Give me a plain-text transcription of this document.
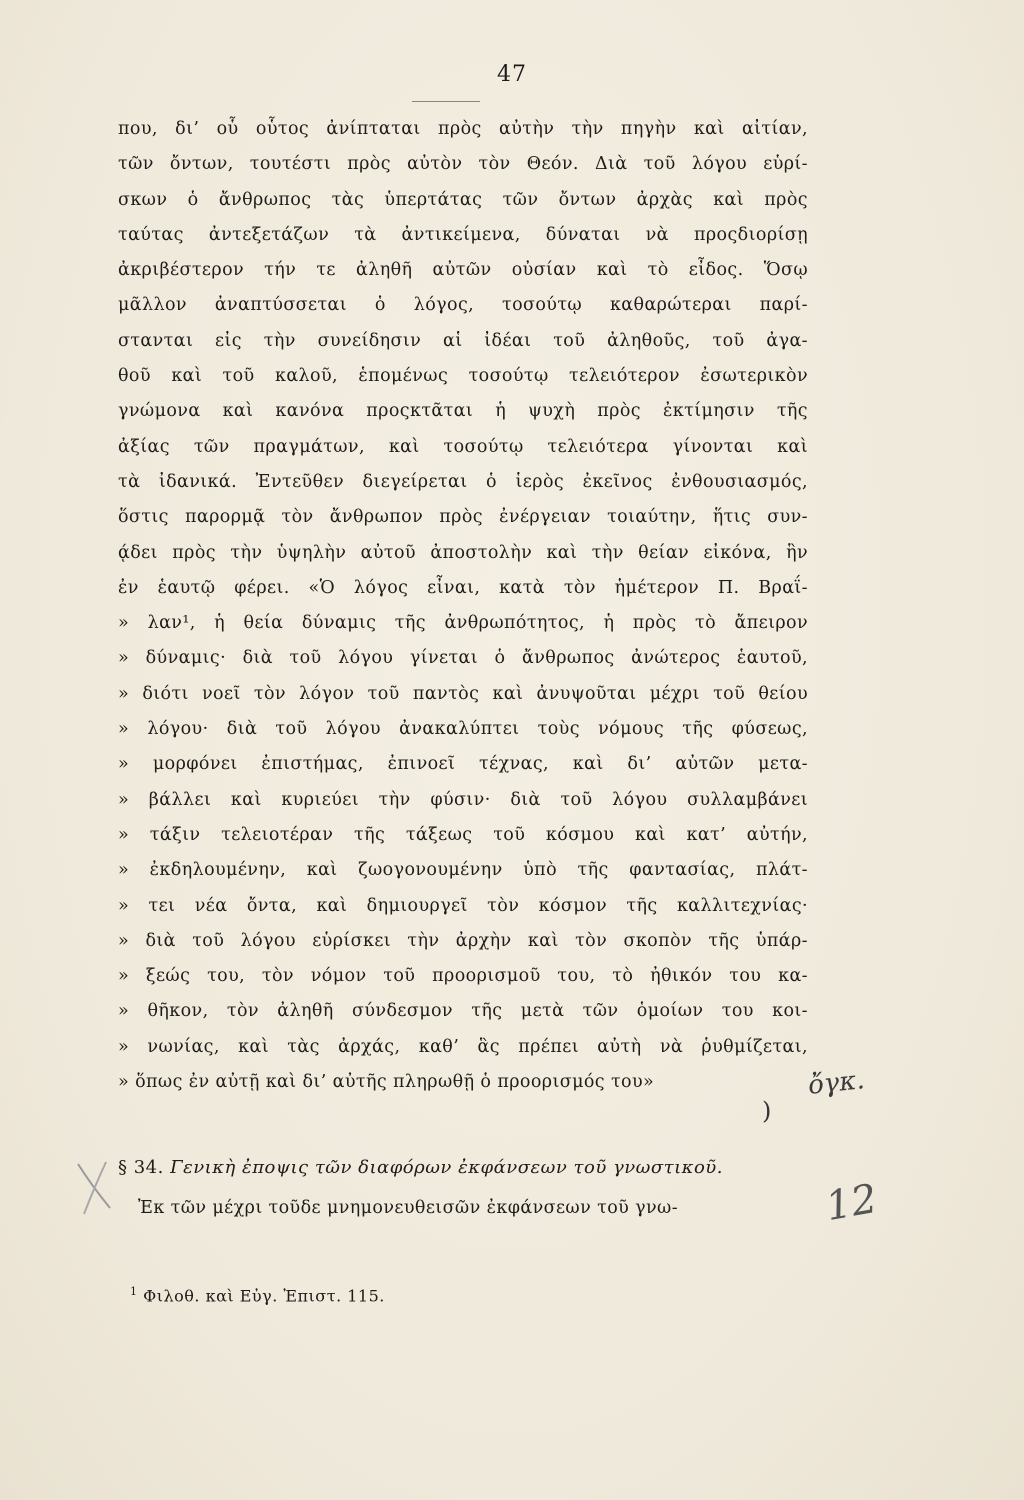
47
που, δι’ οὗ οὗτος ἀνίπταται πρὸς αὐτὴν τὴν πηγὴν καὶ αἰτίαν,
τῶν ὄντων, τουτέστι πρὸς αὐτὸν τὸν Θεόν. Διὰ τοῦ λόγου εὑρί-
σκων ὁ ἄνθρωπος τὰς ὑπερτάτας τῶν ὄντων ἀρχὰς καὶ πρὸς
ταύτας ἀντεξετάζων τὰ ἀντικείμενα, δύναται νὰ προςδιορίσῃ
ἀκριβέστερον τήν τε ἀληθῆ αὐτῶν οὐσίαν καὶ τὸ εἶδος. Ὅσῳ
μᾶλλον ἀναπτύσσεται ὁ λόγος, τοσούτῳ καθαρώτεραι παρί-
στανται εἰς τὴν συνείδησιν αἱ ἰδέαι τοῦ ἀληθοῦς, τοῦ ἀγα-
θοῦ καὶ τοῦ καλοῦ, ἑπομένως τοσούτῳ τελειότερον ἐσωτερικὸν
γνώμονα καὶ κανόνα προςκτᾶται ἡ ψυχὴ πρὸς ἐκτίμησιν τῆς
ἀξίας τῶν πραγμάτων, καὶ τοσούτῳ τελειότερα γίνονται καὶ
τὰ ἰδανικά. Ἐντεῦθεν διεγείρεται ὁ ἱερὸς ἐκεῖνος ἐνθουσιασμός,
ὅστις παρορμᾷ τὸν ἄνθρωπον πρὸς ἐνέργειαν τοιαύτην, ἥτις συν-
ᾴδει πρὸς τὴν ὑψηλὴν αὐτοῦ ἀποστολὴν καὶ τὴν θείαν εἰκόνα, ἣν
ἐν ἑαυτῷ φέρει. «Ὁ λόγος εἶναι, κατὰ τὸν ἡμέτερον Π. Βραΐ-
» λαν¹, ἡ θεία δύναμις τῆς ἀνθρωπότητος, ἡ πρὸς τὸ ἄπειρον
» δύναμις· διὰ τοῦ λόγου γίνεται ὁ ἄνθρωπος ἀνώτερος ἑαυτοῦ,
» διότι νοεῖ τὸν λόγον τοῦ παντὸς καὶ ἀνυψοῦται μέχρι τοῦ θείου
» λόγου· διὰ τοῦ λόγου ἀνακαλύπτει τοὺς νόμους τῆς φύσεως,
» μορφόνει ἐπιστήμας, ἐπινοεῖ τέχνας, καὶ δι’ αὐτῶν μετα-
» βάλλει καὶ κυριεύει τὴν φύσιν· διὰ τοῦ λόγου συλλαμβάνει
» τάξιν τελειοτέραν τῆς τάξεως τοῦ κόσμου καὶ κατ’ αὐτήν,
» ἐκδηλουμένην, καὶ ζωογονουμένην ὑπὸ τῆς φαντασίας, πλάτ-
» τει νέα ὄντα, καὶ δημιουργεῖ τὸν κόσμον τῆς καλλιτεχνίας·
» διὰ τοῦ λόγου εὑρίσκει τὴν ἀρχὴν καὶ τὸν σκοπὸν τῆς ὑπάρ-
» ξεώς του, τὸν νόμον τοῦ προορισμοῦ του, τὸ ἠθικόν του κα-
» θῆκον, τὸν ἀληθῆ σύνδεσμον τῆς μετὰ τῶν ὁμοίων του κοι-
» νωνίας, καὶ τὰς ἀρχάς, καθ’ ἃς πρέπει αὐτὴ νὰ ῥυθμίζεται,
» ὅπως ἐν αὐτῇ καὶ δι’ αὐτῆς πληρωθῇ ὁ προορισμός του»
)
ὄγκ.
§ 34. Γενικὴ ἐποψις τῶν διαφόρων ἐκφάνσεων τοῦ γνωστικοῦ.
Ἐκ τῶν μέχρι τοῦδε μνημονευθεισῶν ἐκφάνσεων τοῦ γνω-	12
$^1$ Φιλοθ. καὶ Εὐγ. Ἐπιστ. 115.
